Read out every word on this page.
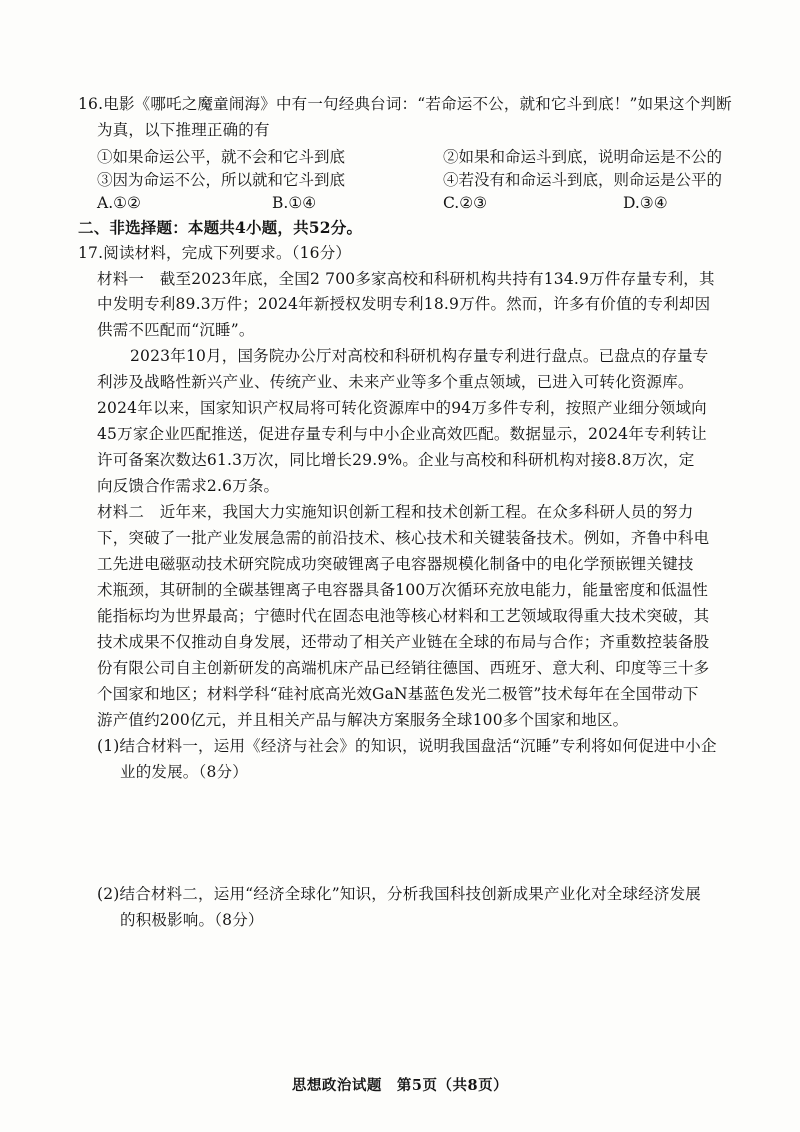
16.电影《哪吒之魔童闹海》中有一句经典台词：“若命运不公，就和它斗到底！”如果这个判断
为真，以下推理正确的有
①如果命运公平，就不会和它斗到底	②如果和命运斗到底，说明命运是不公的
③因为命运不公，所以就和它斗到底	④若没有和命运斗到底，则命运是公平的
A.①②	B.①④	C.②③	D.③④
二、非选择题：本题共4小题，共52分。
17.阅读材料，完成下列要求。（16分）
材料一　截至2023年底，全国2 700多家高校和科研机构共持有134.9万件存量专利，其
中发明专利89.3万件；2024年新授权发明专利18.9万件。然而，许多有价值的专利却因
供需不匹配而“沉睡”。
2023年10月，国务院办公厅对高校和科研机构存量专利进行盘点。已盘点的存量专
利涉及战略性新兴产业、传统产业、未来产业等多个重点领域，已进入可转化资源库。
2024年以来，国家知识产权局将可转化资源库中的94万多件专利，按照产业细分领域向
45万家企业匹配推送，促进存量专利与中小企业高效匹配。数据显示，2024年专利转让
许可备案次数达61.3万次，同比增长29.9%。企业与高校和科研机构对接8.8万次，定
向反馈合作需求2.6万条。
材料二　近年来，我国大力实施知识创新工程和技术创新工程。在众多科研人员的努力
下，突破了一批产业发展急需的前沿技术、核心技术和关键装备技术。例如，齐鲁中科电
工先进电磁驱动技术研究院成功突破锂离子电容器规模化制备中的电化学预嵌锂关键技
术瓶颈，其研制的全碳基锂离子电容器具备100万次循环充放电能力，能量密度和低温性
能指标均为世界最高；宁德时代在固态电池等核心材料和工艺领域取得重大技术突破，其
技术成果不仅推动自身发展，还带动了相关产业链在全球的布局与合作；齐重数控装备股
份有限公司自主创新研发的高端机床产品已经销往德国、西班牙、意大利、印度等三十多
个国家和地区；材料学科“硅衬底高光效GaN基蓝色发光二极管”技术每年在全国带动下
游产值约200亿元，并且相关产品与解决方案服务全球100多个国家和地区。
(1)结合材料一，运用《经济与社会》的知识，说明我国盘活“沉睡”专利将如何促进中小企
业的发展。（8分）
(2)结合材料二，运用“经济全球化”知识，分析我国科技创新成果产业化对全球经济发展
的积极影响。（8分）
思想政治试题　第5页（共8页）
